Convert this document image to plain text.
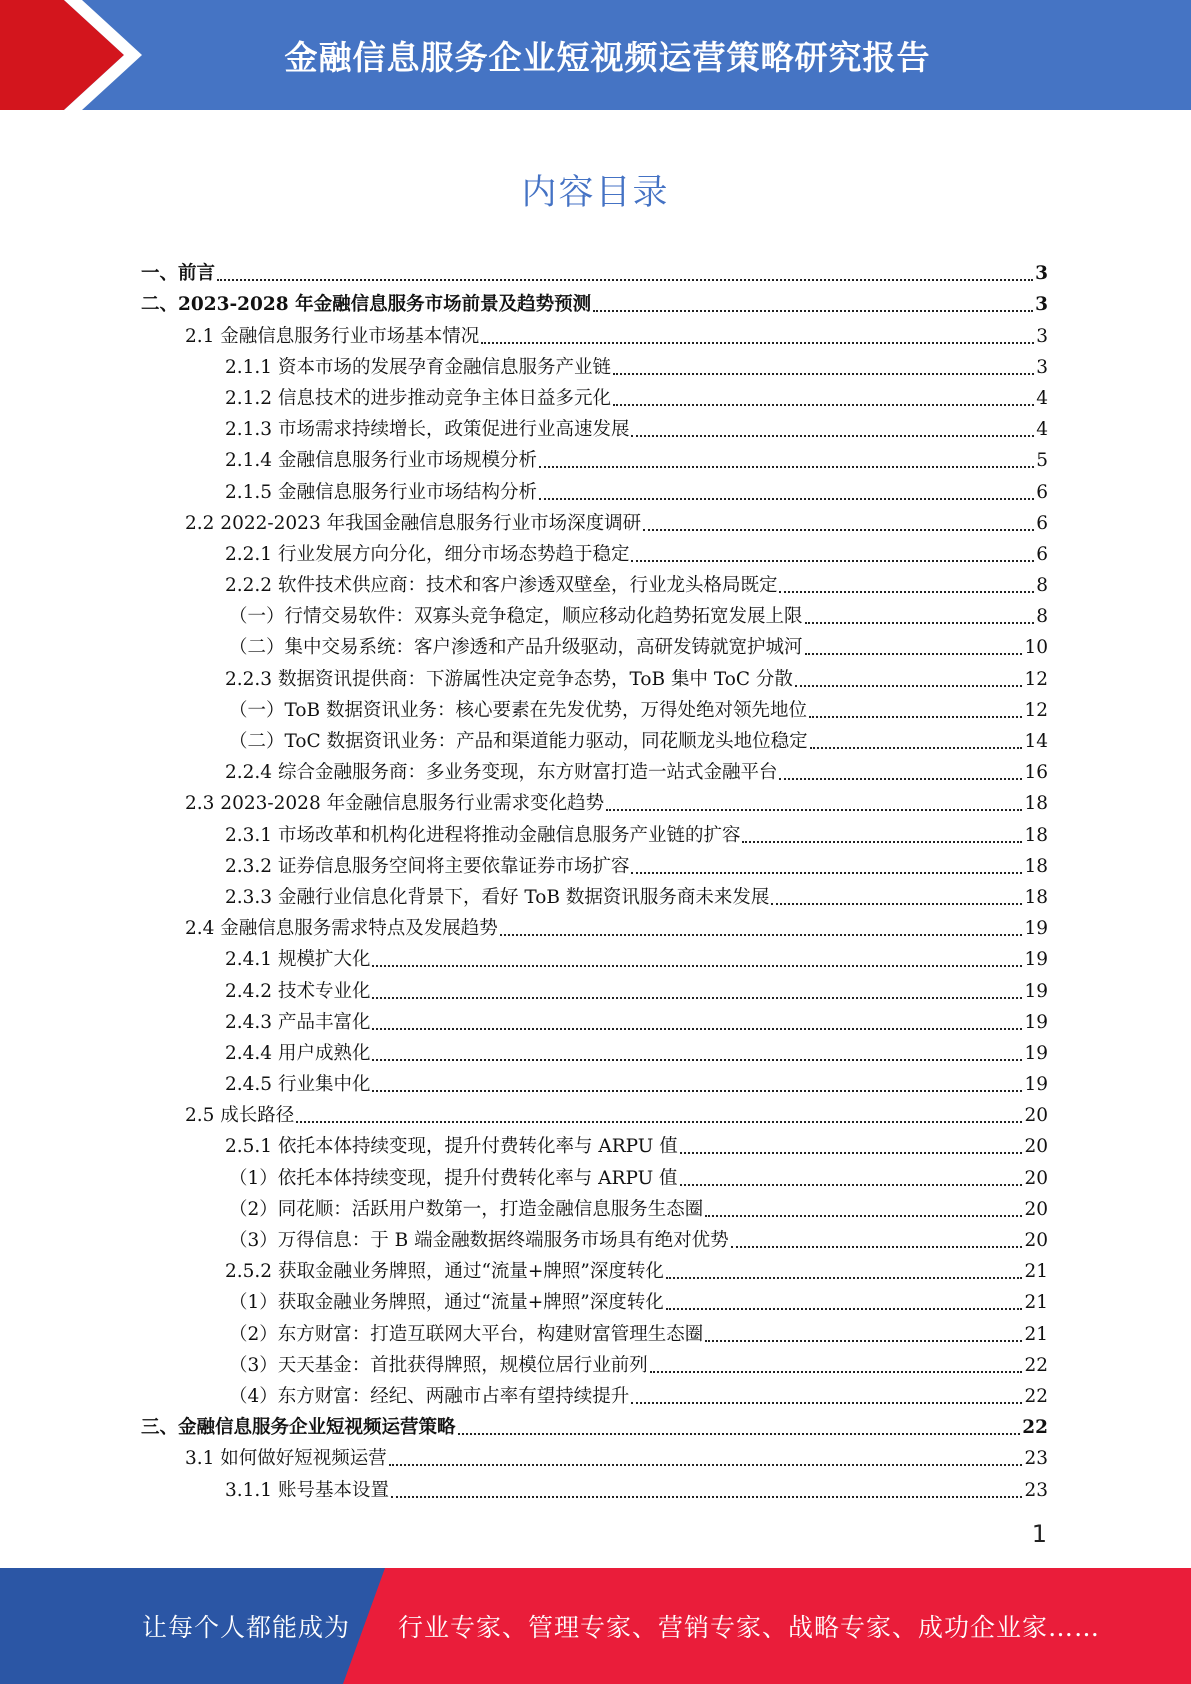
金融信息服务企业短视频运营策略研究报告
内容目录
一、前言	3
二、2023-2028 年金融信息服务市场前景及趋势预测	3
2.1 金融信息服务行业市场基本情况	3
2.1.1 资本市场的发展孕育金融信息服务产业链	3
2.1.2 信息技术的进步推动竞争主体日益多元化	4
2.1.3 市场需求持续增长，政策促进行业高速发展	4
2.1.4 金融信息服务行业市场规模分析	5
2.1.5 金融信息服务行业市场结构分析	6
2.2 2022-2023 年我国金融信息服务行业市场深度调研	6
2.2.1 行业发展方向分化，细分市场态势趋于稳定	6
2.2.2 软件技术供应商：技术和客户渗透双壁垒，行业龙头格局既定	8
（一）行情交易软件：双寡头竞争稳定，顺应移动化趋势拓宽发展上限	8
（二）集中交易系统：客户渗透和产品升级驱动，高研发铸就宽护城河	10
2.2.3 数据资讯提供商：下游属性决定竞争态势，ToB 集中 ToC 分散	12
（一）ToB 数据资讯业务：核心要素在先发优势，万得处绝对领先地位	12
（二）ToC 数据资讯业务：产品和渠道能力驱动，同花顺龙头地位稳定	14
2.2.4 综合金融服务商：多业务变现，东方财富打造一站式金融平台	16
2.3 2023-2028 年金融信息服务行业需求变化趋势	18
2.3.1 市场改革和机构化进程将推动金融信息服务产业链的扩容	18
2.3.2 证券信息服务空间将主要依靠证券市场扩容	18
2.3.3 金融行业信息化背景下，看好 ToB 数据资讯服务商未来发展	18
2.4 金融信息服务需求特点及发展趋势	19
2.4.1 规模扩大化	19
2.4.2 技术专业化	19
2.4.3 产品丰富化	19
2.4.4 用户成熟化	19
2.4.5 行业集中化	19
2.5 成长路径	20
2.5.1 依托本体持续变现，提升付费转化率与 ARPU 值	20
（1）依托本体持续变现，提升付费转化率与 ARPU 值	20
（2）同花顺：活跃用户数第一，打造金融信息服务生态圈	20
（3）万得信息：于 B 端金融数据终端服务市场具有绝对优势	20
2.5.2 获取金融业务牌照，通过“流量+牌照”深度转化	21
（1）获取金融业务牌照，通过“流量+牌照”深度转化	21
（2）东方财富：打造互联网大平台，构建财富管理生态圈	21
（3）天天基金：首批获得牌照，规模位居行业前列	22
（4）东方财富：经纪、两融市占率有望持续提升	22
三、金融信息服务企业短视频运营策略	22
3.1 如何做好短视频运营	23
3.1.1 账号基本设置	23
1
让每个人都能成为 行业专家、管理专家、营销专家、战略专家、成功企业家……
